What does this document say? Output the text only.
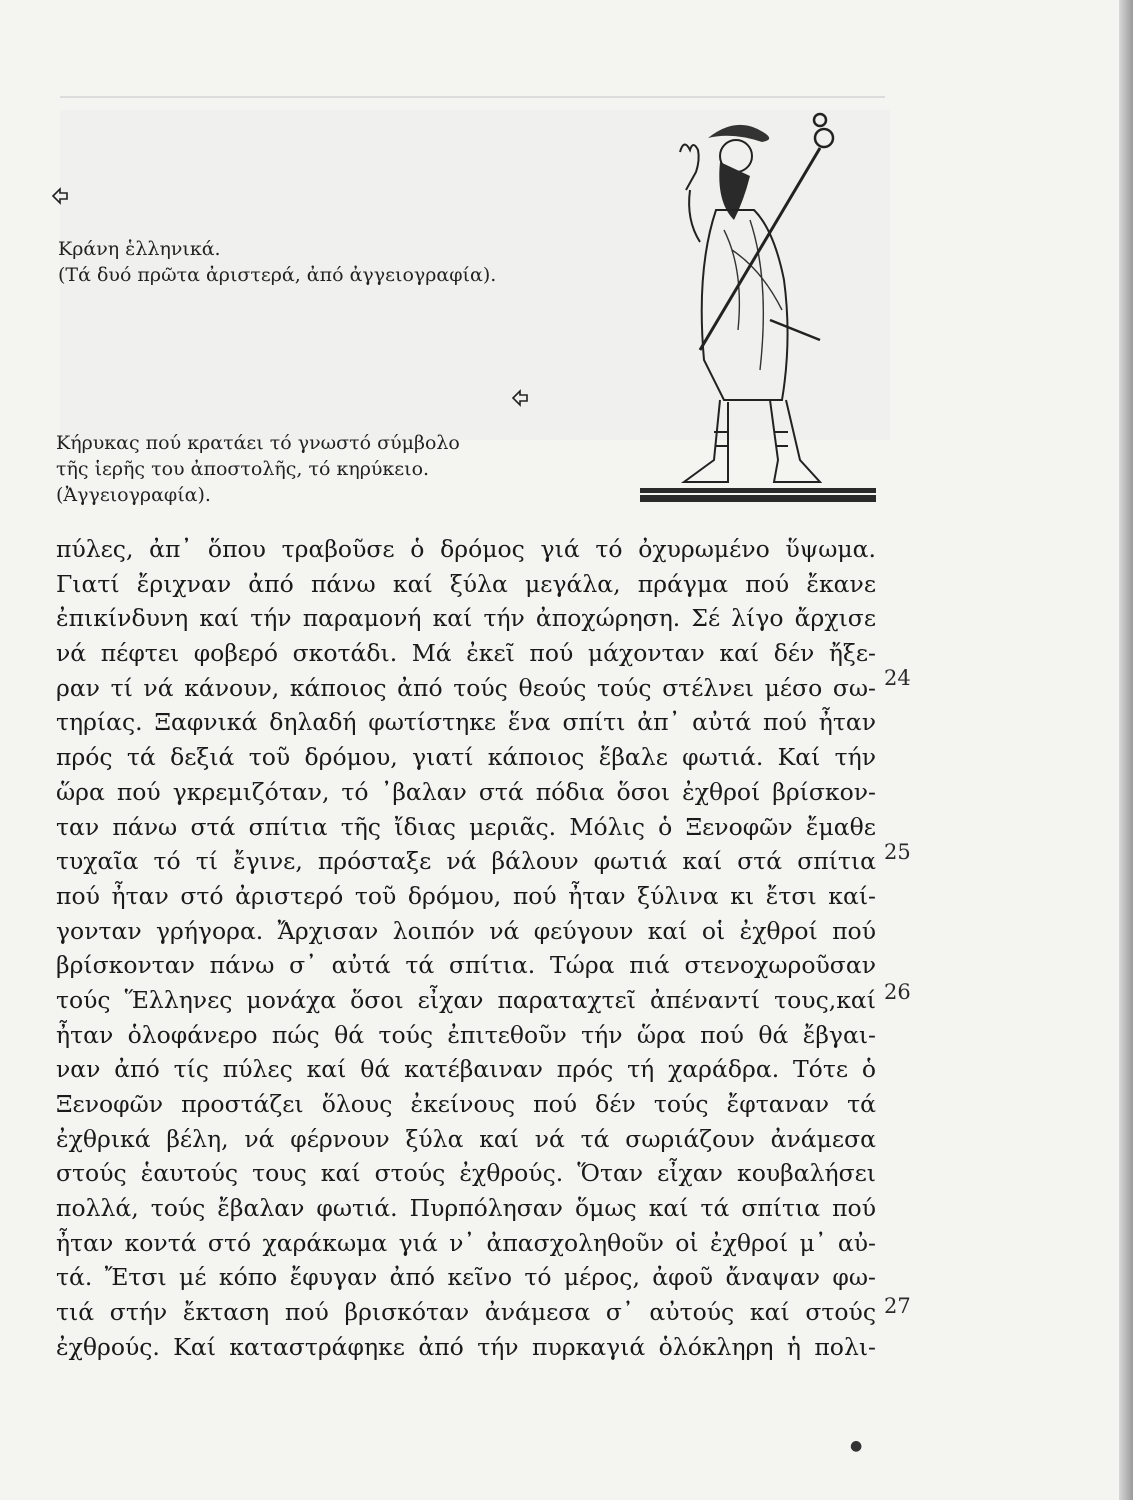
Κράνη ἑλληνικά.
(Τά δυό πρῶτα ἀριστερά, ἀπό ἀγγειογραφία).
Κήρυκας πού κρατάει τό γνωστό σύμβολο
τῆς ἱερῆς του ἀποστολῆς, τό κηρύκειο.
(Ἀγγειογραφία).
πύλες, ἀπ᾽ ὅπου τραβοῦσε ὁ δρόμος γιά τό ὀχυρωμένο ὕψωμα.
Γιατί ἔριχναν ἀπό πάνω καί ξύλα μεγάλα, πράγμα πού ἔκανε
ἐπικίνδυνη καί τήν παραμονή καί τήν ἀποχώρηση. Σέ λίγο ἄρχισε
νά πέφτει φοβερό σκοτάδι. Μά ἐκεῖ πού μάχονταν καί δέν ἤξε-
ραν τί νά κάνουν, κάποιος ἀπό τούς θεούς τούς στέλνει μέσο σω-
τηρίας. Ξαφνικά δηλαδή φωτίστηκε ἕνα σπίτι ἀπ᾽ αὐτά πού ἦταν
πρός τά δεξιά τοῦ δρόμου, γιατί κάποιος ἔβαλε φωτιά. Καί τήν
ὥρα πού γκρεμιζόταν, τό ᾽βαλαν στά πόδια ὅσοι ἐχθροί βρίσκον-
ταν πάνω στά σπίτια τῆς ἴδιας μεριᾶς. Μόλις ὁ Ξενοφῶν ἔμαθε
τυχαῖα τό τί ἔγινε, πρόσταξε νά βάλουν φωτιά καί στά σπίτια
πού ἦταν στό ἀριστερό τοῦ δρόμου, πού ἦταν ξύλινα κι ἔτσι καί-
γονταν γρήγορα. Ἄρχισαν λοιπόν νά φεύγουν καί οἱ ἐχθροί πού
βρίσκονταν πάνω σ᾽ αὐτά τά σπίτια. Τώρα πιά στενοχωροῦσαν
τούς Ἕλληνες μονάχα ὅσοι εἶχαν παραταχτεῖ ἀπέναντί τους,καί
ἦταν ὁλοφάνερο πώς θά τούς ἐπιτεθοῦν τήν ὥρα πού θά ἔβγαι-
ναν ἀπό τίς πύλες καί θά κατέβαιναν πρός τή χαράδρα. Τότε ὁ
Ξενοφῶν προστάζει ὅλους ἐκείνους πού δέν τούς ἔφταναν τά
ἐχθρικά βέλη, νά φέρνουν ξύλα καί νά τά σωριάζουν ἀνάμεσα
στούς ἑαυτούς τους καί στούς ἐχθρούς. Ὅταν εἶχαν κουβαλήσει
πολλά, τούς ἔβαλαν φωτιά. Πυρπόλησαν ὅμως καί τά σπίτια πού
ἦταν κοντά στό χαράκωμα γιά ν᾽ ἀπασχοληθοῦν οἱ ἐχθροί μ᾽ αὐ-
τά. Ἔτσι μέ κόπο ἔφυγαν ἀπό κεῖνο τό μέρος, ἀφοῦ ἄναψαν φω-
τιά στήν ἔκταση πού βρισκόταν ἀνάμεσα σ᾽ αὐτούς καί στούς
ἐχθρούς. Καί καταστράφηκε ἀπό τήν πυρκαγιά ὁλόκληρη ἡ πολι-
24
25
26
27
●
